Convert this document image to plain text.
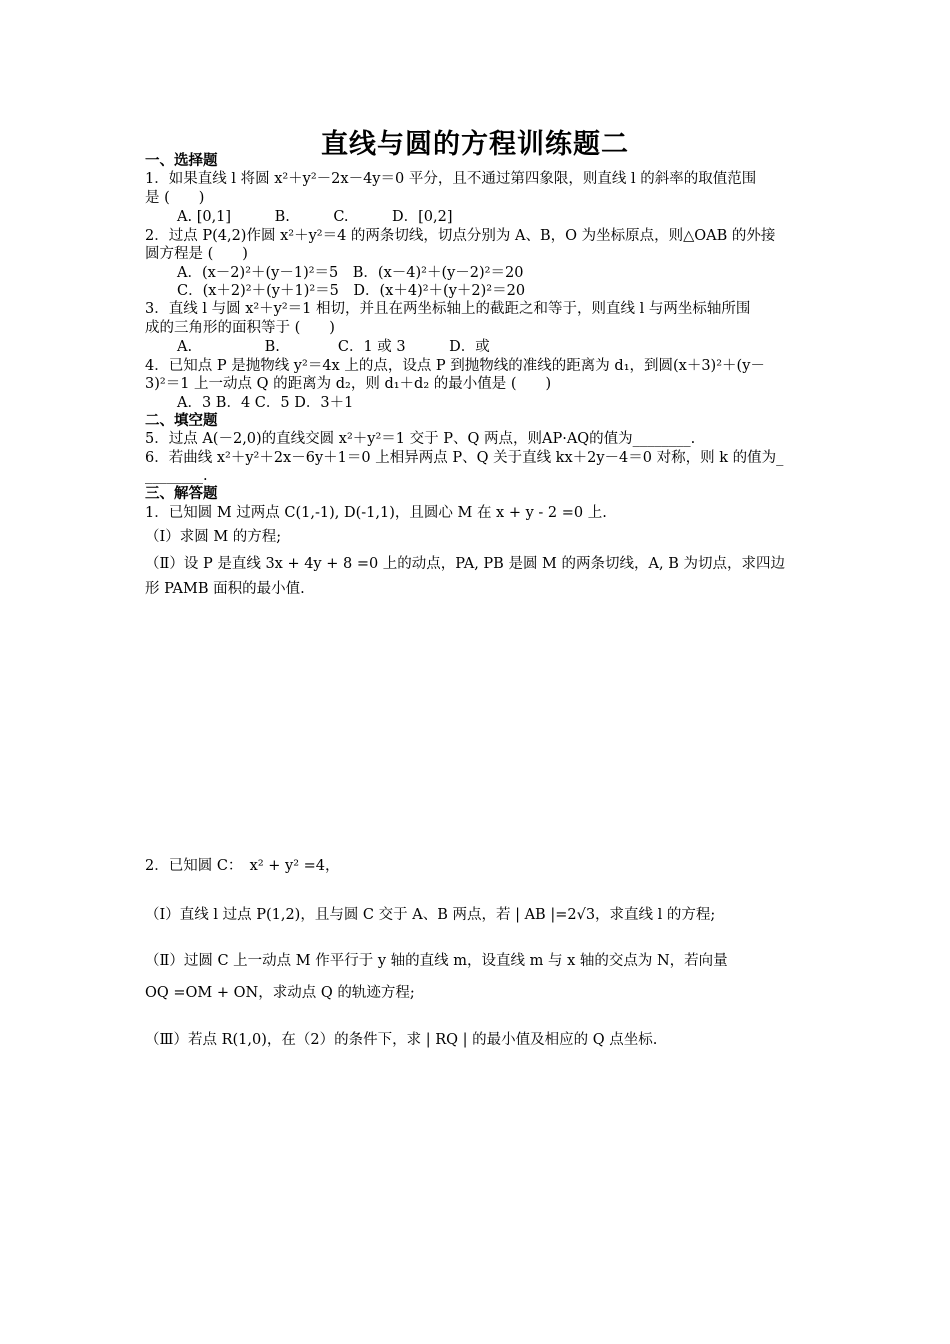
直线与圆的方程训练题二
一、选择题
1．如果直线 l 将圆 x²＋y²－2x－4y＝0 平分，且不通过第四象限，则直线 l 的斜率的取值范围
是 (　　)
A. [0,1]　　　B.　　　C.　　　D．[0,2]
2．过点 P(4,2)作圆 x²＋y²＝4 的两条切线，切点分别为 A、B，O 为坐标原点，则△OAB 的外接
圆方程是 (　　)
A．(x－2)²＋(y－1)²＝5　B．(x－4)²＋(y－2)²＝20
C．(x＋2)²＋(y＋1)²＝5　D．(x＋4)²＋(y＋2)²＝20
3．直线 l 与圆 x²＋y²＝1 相切，并且在两坐标轴上的截距之和等于，则直线 l 与两坐标轴所围
成的三角形的面积等于 (　　)
A.　　　　　B.　　　　C．1 或 3　　　D．或
4．已知点 P 是抛物线 y²＝4x 上的点，设点 P 到抛物线的准线的距离为 d₁，到圆(x＋3)²＋(y－
3)²＝1 上一动点 Q 的距离为 d₂，则 d₁＋d₂ 的最小值是 (　　)
A．3 B．4 C．5 D．3＋1
二、填空题
5．过点 A(－2,0)的直线交圆 x²＋y²＝1 交于 P、Q 两点，则AP·AQ的值为________.
6．若曲线 x²＋y²＋2x－6y＋1＝0 上相异两点 P、Q 关于直线 kx＋2y－4＝0 对称，则 k 的值为_
________.
三、解答题
1．已知圆 M 过两点 C(1,-1), D(-1,1)，且圆心 M 在 x + y - 2 =0 上.
（Ⅰ）求圆 M 的方程;
（Ⅱ）设 P 是直线 3x + 4y + 8 =0 上的动点，PA, PB 是圆 M 的两条切线，A, B 为切点，求四边
形 PAMB 面积的最小值.
2．已知圆 C：　x² + y² =4，
（Ⅰ）直线 l 过点 P(1,2)，且与圆 C 交于 A、B 两点，若 | AB |=2√3，求直线 l 的方程;
（Ⅱ）过圆 C 上一动点 M 作平行于 y 轴的直线 m，设直线 m 与 x 轴的交点为 N，若向量
OQ =OM + ON，求动点 Q 的轨迹方程;
（Ⅲ）若点 R(1,0)，在（2）的条件下，求 | RQ | 的最小值及相应的 Q 点坐标.
